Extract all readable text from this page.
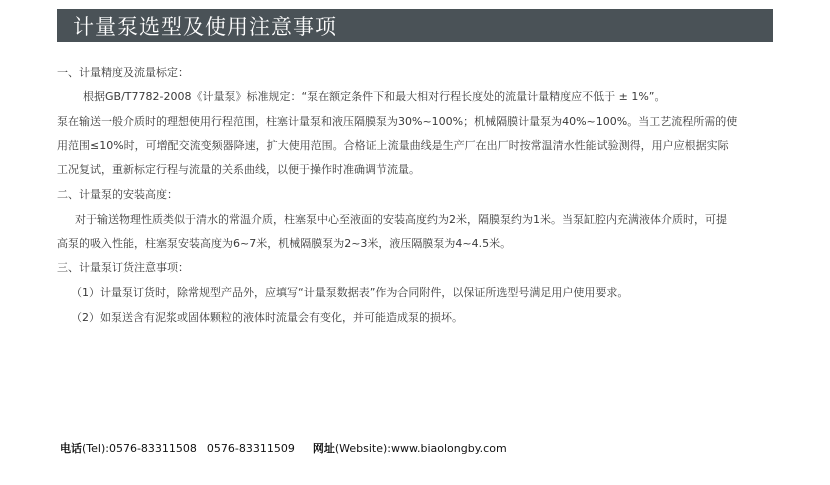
计量泵选型及使用注意事项
一、计量精度及流量标定：
根据GB/T7782-2008《计量泵》标准规定：“泵在额定条件下和最大相对行程长度处的流量计量精度应不低于 ± 1%”。
泵在输送一般介质时的理想使用行程范围，柱塞计量泵和液压隔膜泵为30%~100%；机械隔膜计量泵为40%~100%。当工艺流程所需的使
用范围≤10%时，可增配交流变频器降速，扩大使用范围。合格证上流量曲线是生产厂在出厂时按常温清水性能试验测得，用户应根据实际
工况复试，重新标定行程与流量的关系曲线，以便于操作时准确调节流量。
二、计量泵的安装高度：
对于输送物理性质类似于清水的常温介质，柱塞泵中心至液面的安装高度约为2米，隔膜泵约为1米。当泵缸腔内充满液体介质时，可提
高泵的吸入性能，柱塞泵安装高度为6~7米，机械隔膜泵为2~3米，液压隔膜泵为4~4.5米。
三、计量泵订货注意事项：
（1）计量泵订货时，除常规型产品外，应填写“计量泵数据表”作为合同附件，以保证所选型号满足用户使用要求。
（2）如泵送含有泥浆或固体颗粒的液体时流量会有变化，并可能造成泵的损坏。
电话(Tel):0576-83311508 0576-83311509 网址(Website):www.biaolongby.com
